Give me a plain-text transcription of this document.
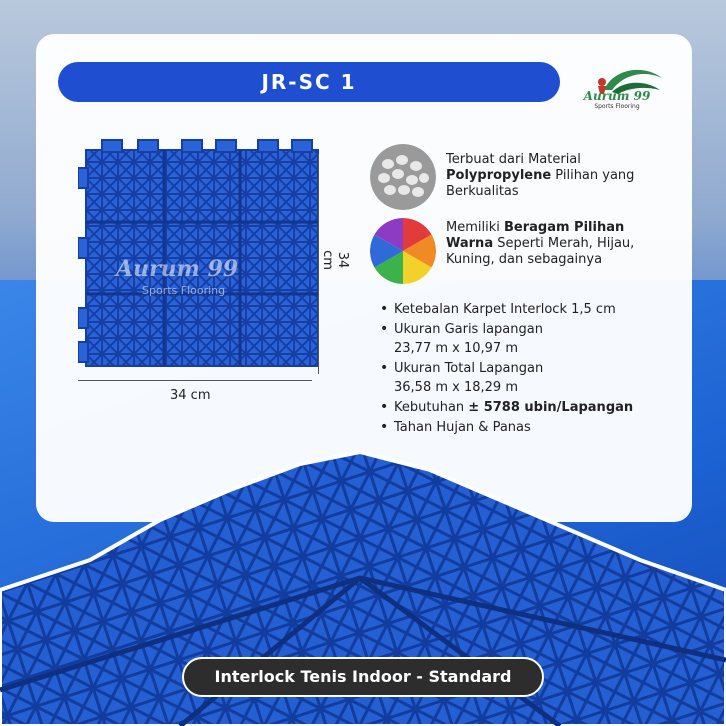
JR-SC 1
Aurum 99
Sports Flooring
Aurum 99
Sports Flooring
34 cm
34 cm
Terbuat dari Material Polypropylene Pilihan yang Berkualitas
Memiliki Beragam Pilihan Warna Seperti Merah, Hijau, Kuning, dan sebagainya
• Ketebalan Karpet Interlock 1,5 cm
• Ukuran Garis lapangan
23,77 m x 10,97 m
• Ukuran Total Lapangan
36,58 m x 18,29 m
• Kebutuhan ± 5788 ubin/Lapangan
• Tahan Hujan & Panas
Interlock Tenis Indoor - Standard
